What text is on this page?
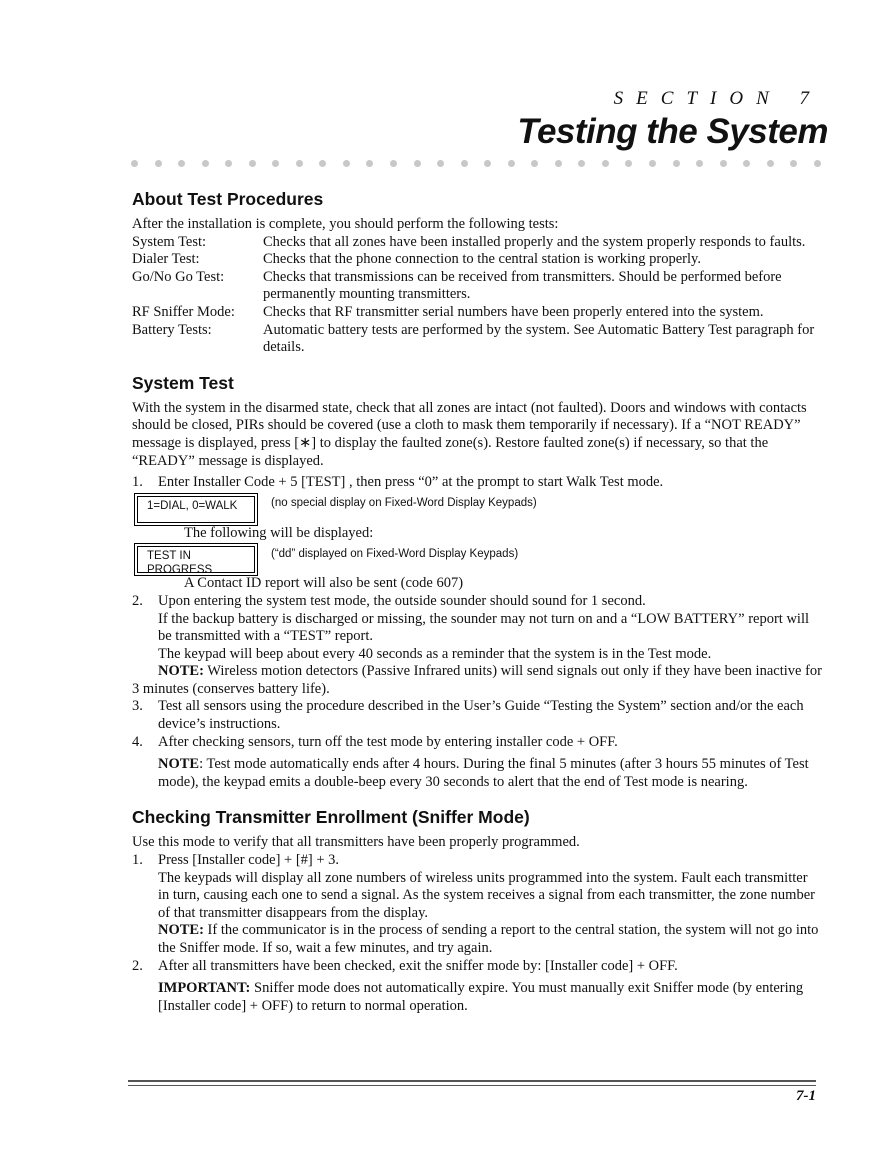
SECTION 7
Testing the System
About Test Procedures

After the installation is complete, you should perform the following tests:

System Test:	Checks that all zones have been installed properly and the system properly responds to faults.
Dialer Test:	Checks that the phone connection to the central station is working properly.
Go/No Go Test:	Checks that transmissions can be received from transmitters. Should be performed before permanently mounting transmitters.
RF Sniffer Mode:	Checks that RF transmitter serial numbers have been properly entered into the system.
Battery Tests:	Automatic battery tests are performed by the system. See Automatic Battery Test paragraph for details.
System Test

With the system in the disarmed state, check that all zones are intact (not faulted). Doors and windows with contacts should be closed, PIRs should be covered (use a cloth to mask them temporarily if necessary). If a “NOT READY” message is displayed, press [∗] to display the faulted zone(s). Restore faulted zone(s) if necessary, so that the “READY” message is displayed.

1.	Enter Installer Code + 5 [TEST] , then press “0” at the prompt to start Walk Test mode.

1=DIAL, 0=WALK	(no special display on Fixed-Word Display Keypads)

The following will be displayed:

TEST IN PROGRESS
(“dd” displayed on Fixed-Word Display Keypads)

A Contact ID report will also be sent (code 607)

2.	Upon entering the system test mode, the outside sounder should sound for 1 second.

If the backup battery is discharged or missing, the sounder may not turn on and a “LOW BATTERY” report will be transmitted with a “TEST” report.

The keypad will beep about every 40 seconds as a reminder that the system is in the Test mode.

NOTE: Wireless motion detectors (Passive Infrared units) will send signals out only if they have been inactive for 3 minutes (conserves battery life).

3.	Test all sensors using the procedure described in the User’s Guide “Testing the System” section and/or the each device’s instructions.

4.	After checking sensors, turn off the test mode by entering installer code + OFF.

NOTE: Test mode automatically ends after 4 hours. During the final 5 minutes (after 3 hours 55 minutes of Test mode), the keypad emits a double-beep every 30 seconds to alert that the end of Test mode is nearing.

Checking Transmitter Enrollment (Sniffer Mode)

Use this mode to verify that all transmitters have been properly programmed.

1.	Press [Installer code] + [#] + 3.

The keypads will display all zone numbers of wireless units programmed into the system. Fault each transmitter in turn, causing each one to send a signal. As the system receives a signal from each transmitter, the zone number of that transmitter disappears from the display.

NOTE: If the communicator is in the process of sending a report to the central station, the system will not go into the Sniffer mode. If so, wait a few minutes, and try again.

2.	After all transmitters have been checked, exit the sniffer mode by: [Installer code] + OFF.

IMPORTANT: Sniffer mode does not automatically expire. You must manually exit Sniffer mode (by entering [Installer code] + OFF) to return to normal operation.

7-1
